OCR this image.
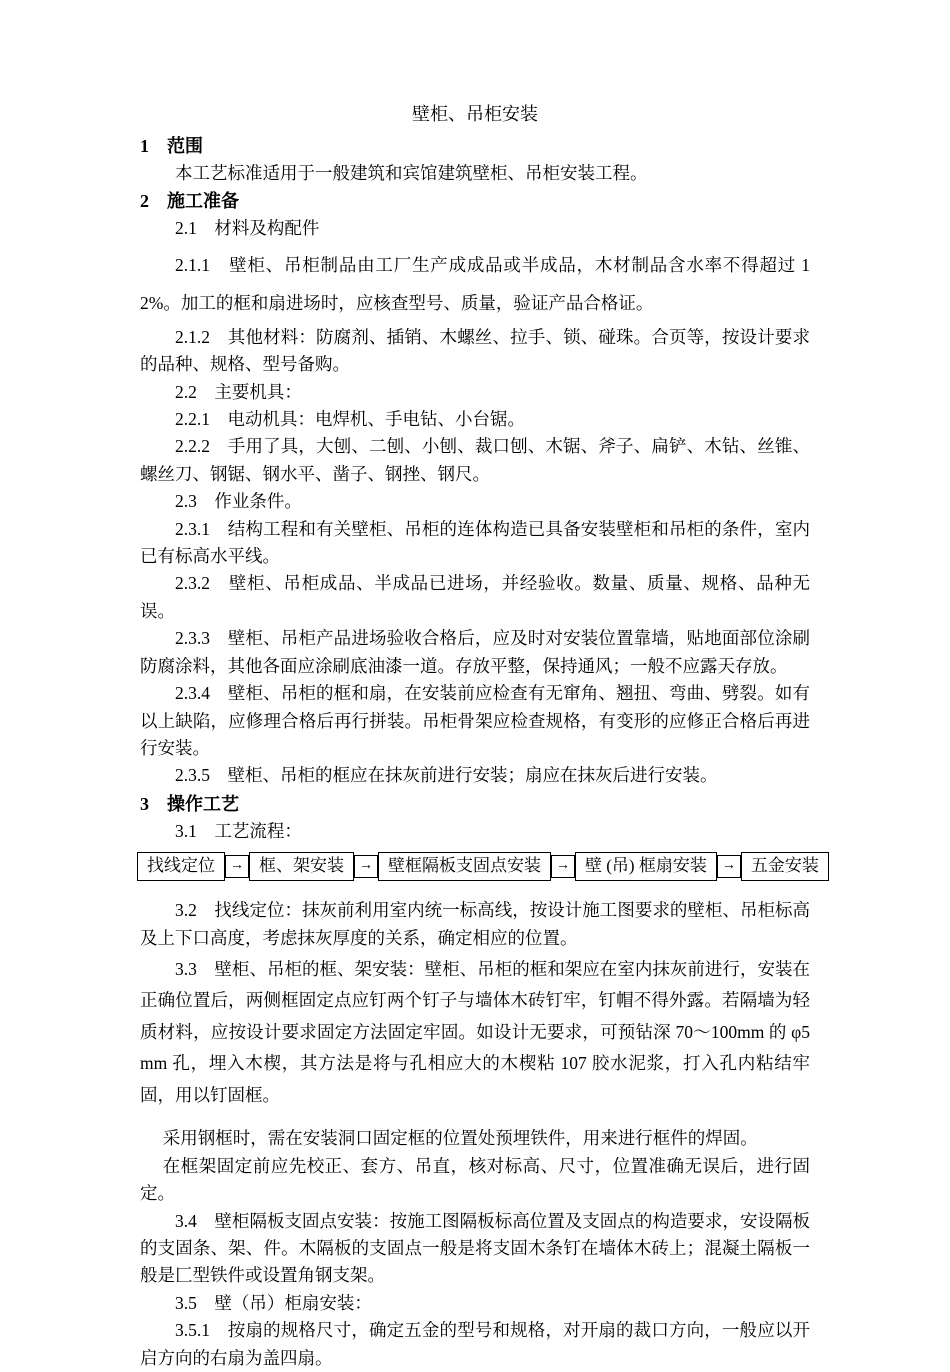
壁柜、吊柜安装

1　范围

本工艺标准适用于一般建筑和宾馆建筑壁柜、吊柜安装工程。

2　施工准备

2.1　材料及构配件

2.1.1　壁柜、吊柜制品由工厂生产成成品或半成品，木材制品含水率不得超过 12%。加工的框和扇进场时，应核查型号、质量，验证产品合格证。

2.1.2　其他材料：防腐剂、插销、木螺丝、拉手、锁、碰珠。合页等，按设计要求的品种、规格、型号备购。

2.2　主要机具：

2.2.1　电动机具：电焊机、手电钻、小台锯。

2.2.2　手用了具，大刨、二刨、小刨、裁口刨、木锯、斧子、扁铲、木钻、丝锥、螺丝刀、钢锯、钢水平、凿子、钢挫、钢尺。

2.3　作业条件。

2.3.1　结构工程和有关壁柜、吊柜的连体构造已具备安装壁柜和吊柜的条件，室内已有标高水平线。

2.3.2　壁柜、吊柜成品、半成品已进场，并经验收。数量、质量、规格、品种无误。

2.3.3　壁柜、吊柜产品进场验收合格后，应及时对安装位置靠墙，贴地面部位涂刷防腐涂料，其他各面应涂刷底油漆一道。存放平整，保持通风；一般不应露天存放。

2.3.4　壁柜、吊柜的框和扇，在安装前应检查有无窜角、翘扭、弯曲、劈裂。如有以上缺陷，应修理合格后再行拼装。吊柜骨架应检查规格，有变形的应修正合格后再进行安装。

2.3.5　壁柜、吊柜的框应在抹灰前进行安装；扇应在抹灰后进行安装。

3　操作工艺

3.1　工艺流程：

找线定位	→ 框、架安装	→ 壁框隔板支固点安装	→ 壁 (吊) 框扇安装	→ 五金安装

3.2　找线定位：抹灰前利用室内统一标高线，按设计施工图要求的壁柜、吊柜标高及上下口高度，考虑抹灰厚度的关系，确定相应的位置。

3.3　壁柜、吊柜的框、架安装：壁柜、吊柜的框和架应在室内抹灰前进行，安装在正确位置后，两侧框固定点应钉两个钉子与墙体木砖钉牢，钉帽不得外露。若隔墙为轻质材料，应按设计要求固定方法固定牢固。如设计无要求，可预钻深 70～100mm 的 φ5mm 孔，埋入木楔，其方法是将与孔相应大的木楔粘 107 胶水泥浆，打入孔内粘结牢固，用以钉固框。

采用钢框时，需在安装洞口固定框的位置处预埋铁件，用来进行框件的焊固。

在框架固定前应先校正、套方、吊直，核对标高、尺寸，位置准确无误后，进行固定。

3.4　壁柜隔板支固点安装：按施工图隔板标高位置及支固点的构造要求，安设隔板的支固条、架、件。木隔板的支固点一般是将支固木条钉在墙体木砖上；混凝土隔板一般是匚型铁件或设置角钢支架。

3.5　壁（吊）柜扇安装：

3.5.1　按扇的规格尺寸，确定五金的型号和规格，对开扇的裁口方向，一般应以开启方向的右扇为盖四扇。
